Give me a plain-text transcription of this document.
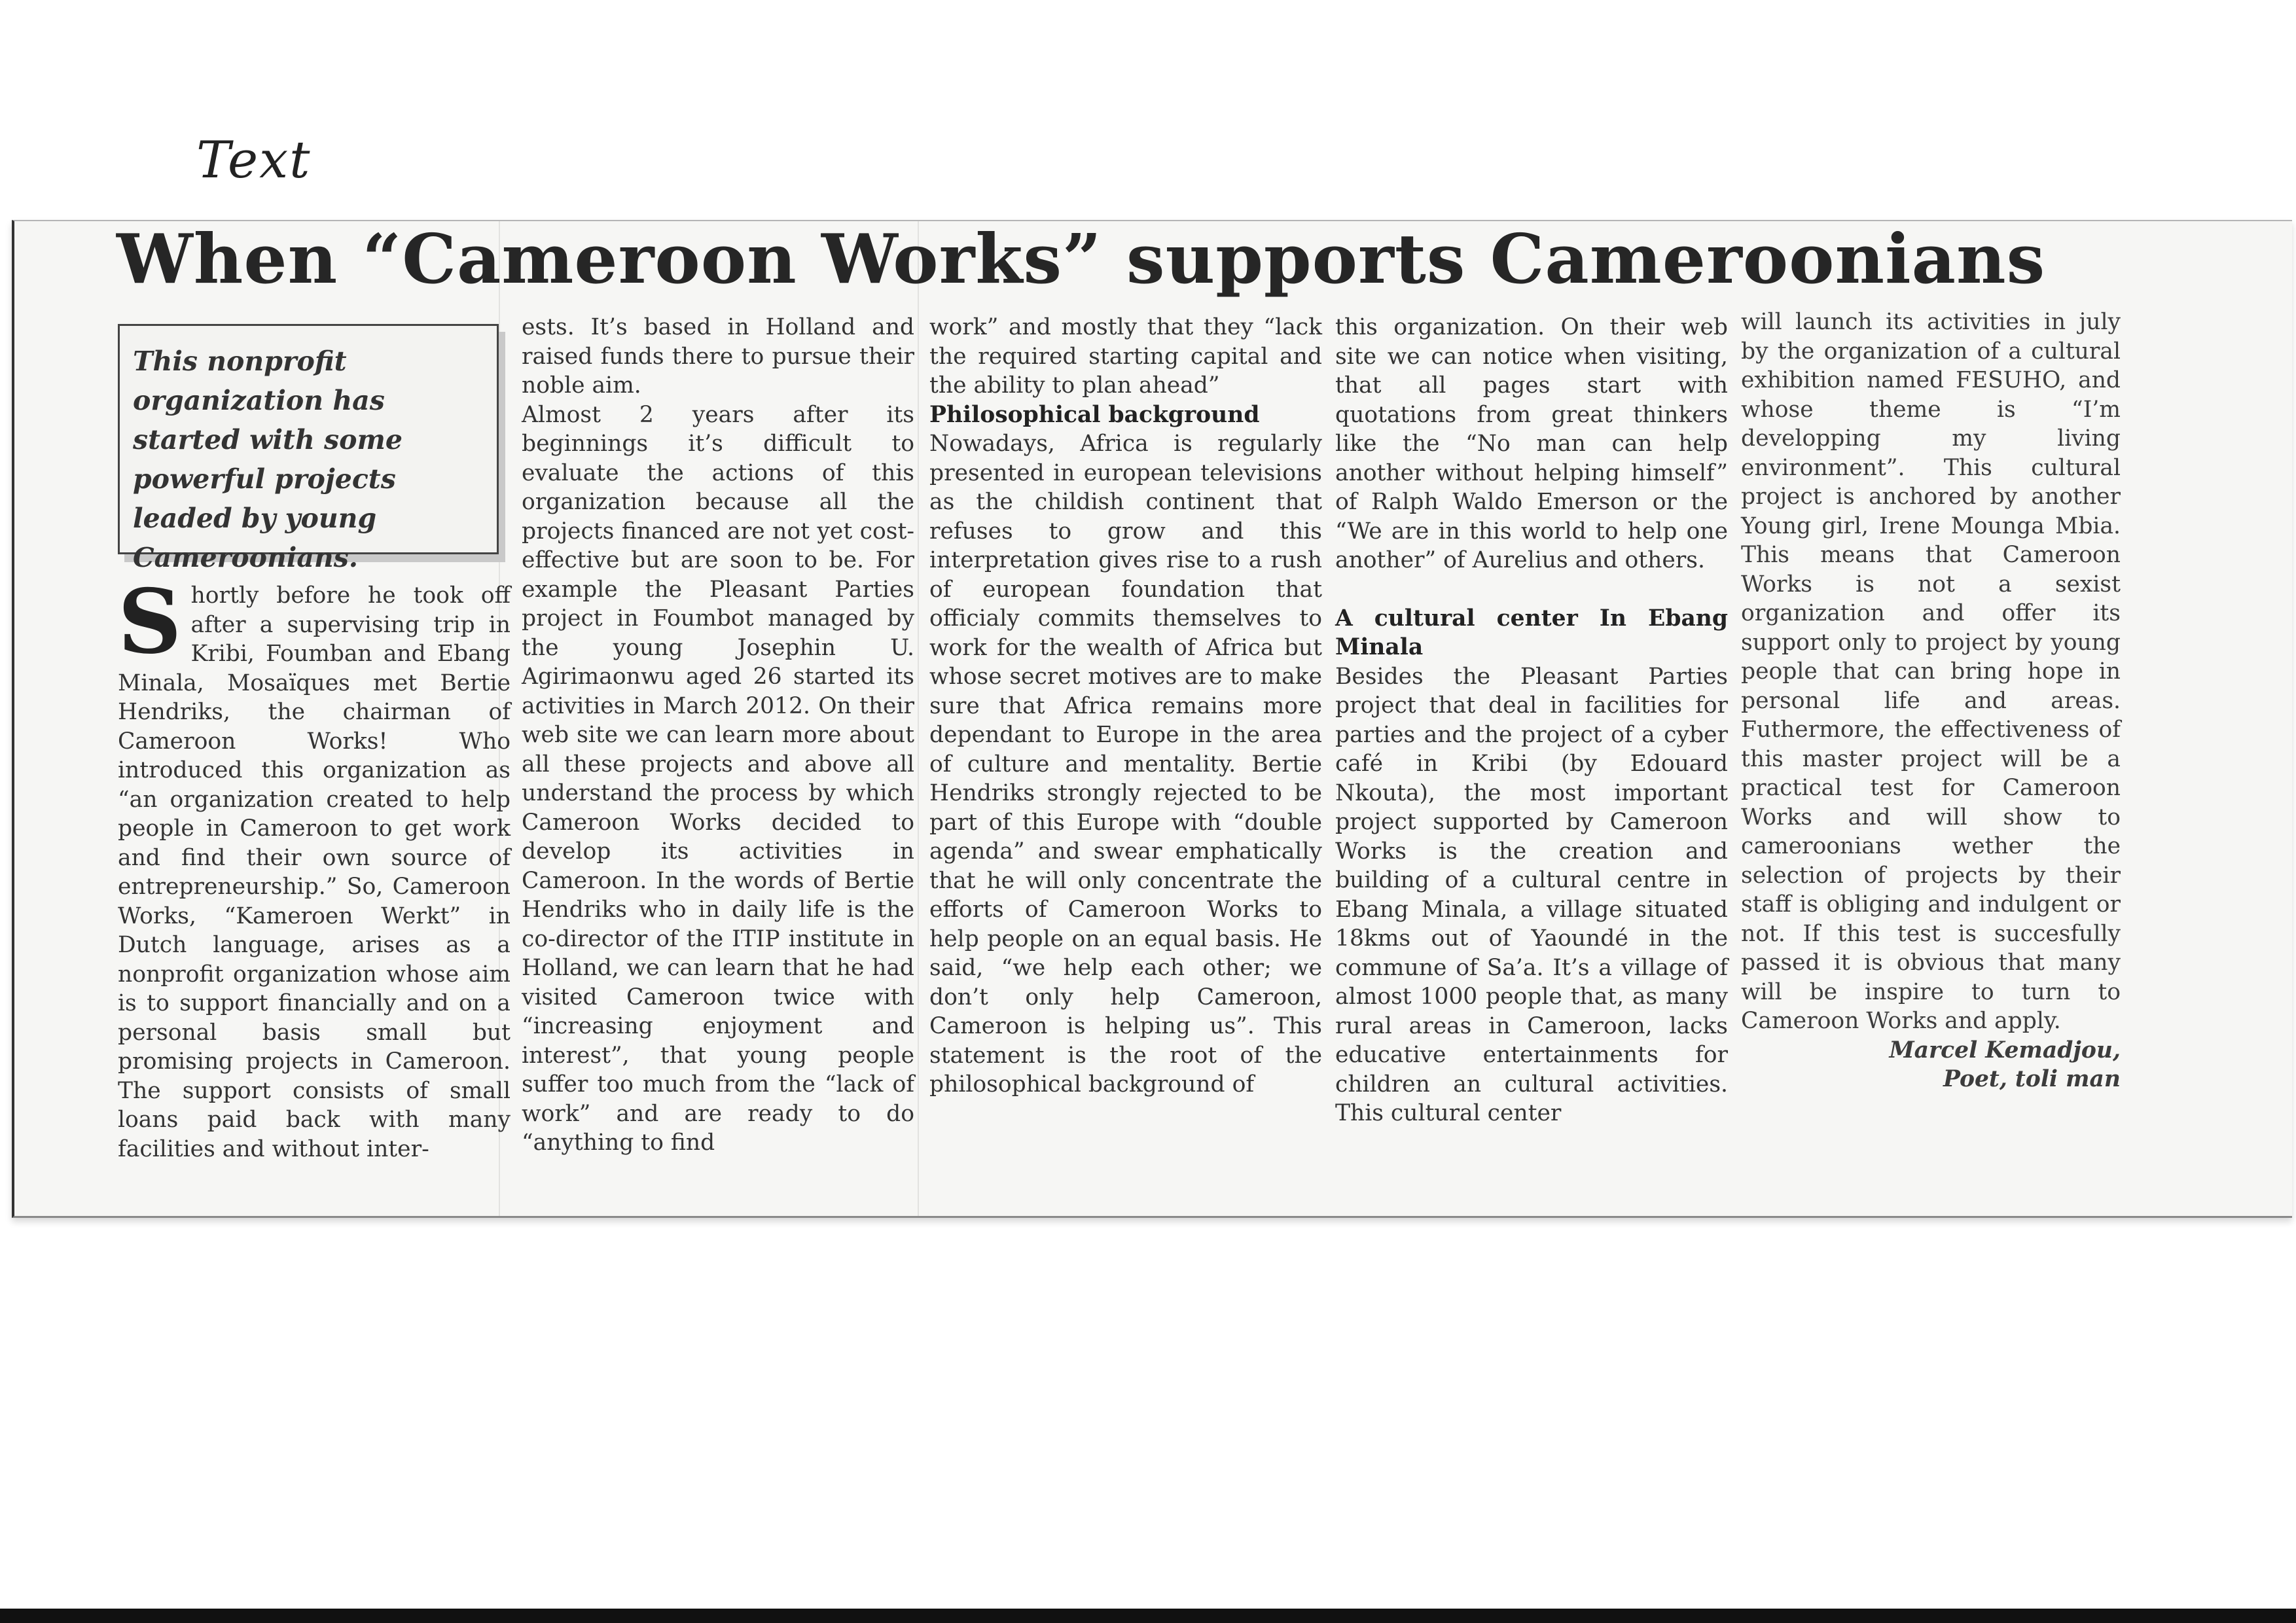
Text
When “Cameroon Works” supports Cameroonians
This nonprofit organization has started with some powerful projects leaded by young Cameroonians.
S hortly before he took off after a supervising trip in Kribi, Foumban and Ebang Minala, Mosaïques met Bertie Hendriks, the chairman of Cameroon Works! Who introduced this organization as “an organization created to help people in Cameroon to get work and find their own source of entrepreneurship.” So, Cameroon Works, “Kameroen Werkt” in Dutch language, arises as a nonprofit organization whose aim is to support financially and on a personal basis small but promising projects in Cameroon. The support consists of small loans paid back with many facilities and without inter-

ests. It’s based in Holland and raised funds there to pursue their noble aim.

Almost 2 years after its beginnings it’s difficult to evaluate the actions of this organization because all the projects financed are not yet cost-effective but are soon to be. For example the Pleasant Parties project in Foumbot managed by the young Josephin U. Agirimaonwu aged 26 started its activities in March 2012. On their web site we can learn more about all these projects and above all understand the process by which Cameroon Works decided to develop its activities in Cameroon. In the words of Bertie Hendriks who in daily life is the co-director of the ITIP institute in Holland, we can learn that he had visited Cameroon twice with “increasing enjoyment and interest”, that young people suffer too much from the “lack of work” and are ready to do “anything to find

work” and mostly that they “lack the required starting capital and the ability to plan ahead”

Philosophical background

Nowadays, Africa is regularly presented in european televisions as the childish continent that refuses to grow and this interpretation gives rise to a rush of european foundation that officialy commits themselves to work for the wealth of Africa but whose secret motives are to make sure that Africa remains more dependant to Europe in the area of culture and mentality. Bertie Hendriks strongly rejected to be part of this Europe with “double agenda” and swear emphatically that he will only concentrate the efforts of Cameroon Works to help people on an equal basis. He said, “we help each other; we don’t only help Cameroon, Cameroon is helping us”. This statement is the root of the philosophical background of

this organization. On their web site we can notice when visiting, that all pages start with quotations from great thinkers like the “No man can help another without helping himself” of Ralph Waldo Emerson or the “We are in this world to help one another” of Aurelius and others.

A cultural center In Ebang Minala

Besides the Pleasant Parties project that deal in facilities for parties and the project of a cyber café in Kribi (by Edouard Nkouta), the most important project supported by Cameroon Works is the creation and building of a cultural centre in Ebang Minala, a village situated 18kms out of Yaoundé in the commune of Sa’a. It’s a village of almost 1000 people that, as many rural areas in Cameroon, lacks educative entertainments for children an cultural activities. This cultural center

will launch its activities in july by the organization of a cultural exhibition named FESUHO, and whose theme is “I’m developping my living environment”. This cultural project is anchored by another Young girl, Irene Mounga Mbia. This means that Cameroon Works is not a sexist organization and offer its support only to project by young people that can bring hope in personal life and areas. Futhermore, the effectiveness of this master project will be a practical test for Cameroon Works and will show to cameroonians wether the selection of projects by their staff is obliging and indulgent or not. If this test is succesfully passed it is obvious that many will be inspire to turn to Cameroon Works and apply.

Marcel Kemadjou,

Poet, toli man
